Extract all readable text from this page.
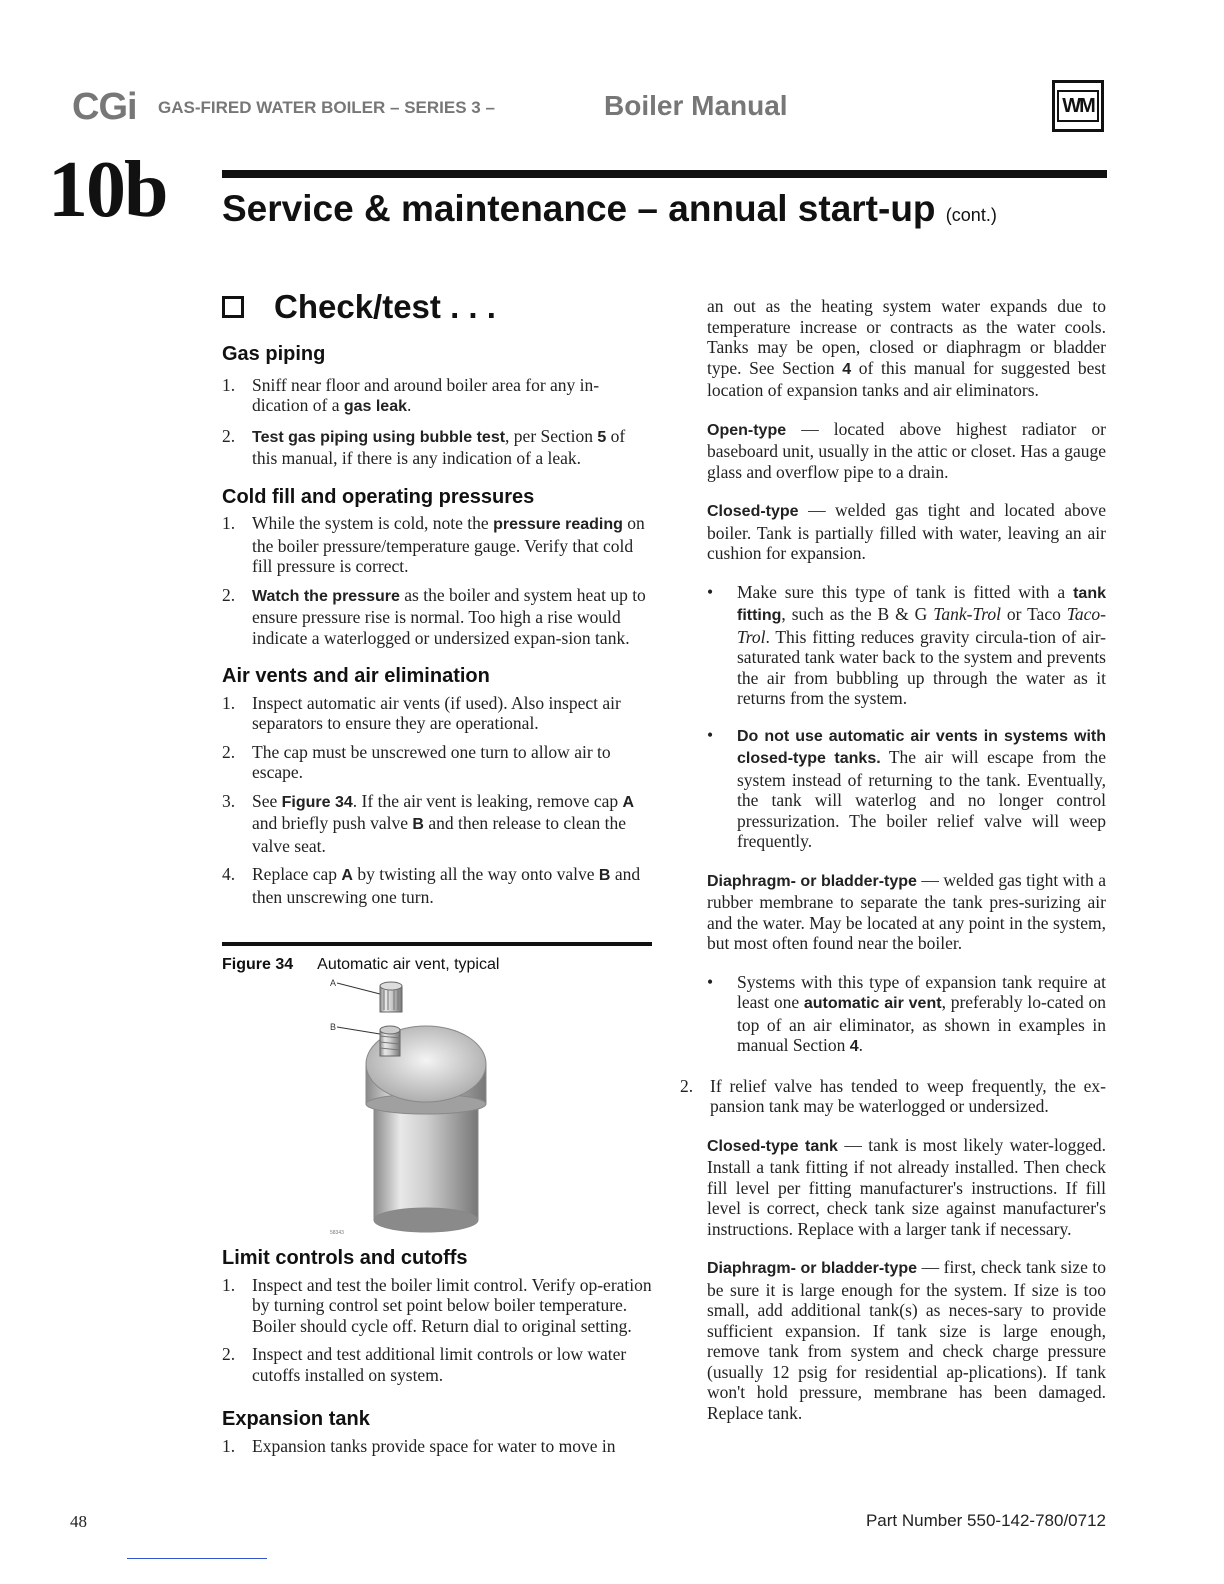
CGi GAS-FIRED WATER BOILER – SERIES 3 –	Boiler Manual	WM
10b Service & maintenance – annual start-up (cont.)
Check/test . . .
Gas piping
1. Sniff near floor and around boiler area for any in-dication of a gas leak.
2. Test gas piping using bubble test, per Section 5 of this manual, if there is any indication of a leak.
Cold fill and operating pressures
1. While the system is cold, note the pressure reading on the boiler pressure/temperature gauge. Verify that cold fill pressure is correct.
2. Watch the pressure as the boiler and system heat up to ensure pressure rise is normal. Too high a rise would indicate a waterlogged or undersized expan-sion tank.
Air vents and air elimination
1. Inspect automatic air vents (if used). Also inspect air separators to ensure they are operational.
2. The cap must be unscrewed one turn to allow air to escape.
3. See Figure 34. If the air vent is leaking, remove cap A and briefly push valve B and then release to clean the valve seat.
4. Replace cap A by twisting all the way onto valve B and then unscrewing one turn.
Figure 34 Automatic air vent, typical
A
B
58343
Limit controls and cutoffs
1. Inspect and test the boiler limit control. Verify op-eration by turning control set point below boiler temperature. Boiler should cycle off. Return dial to original setting.
2. Inspect and test additional limit controls or low water cutoffs installed on system.
Expansion tank
1. Expansion tanks provide space for water to move in

an out as the heating system water expands due to temperature increase or contracts as the water cools. Tanks may be open, closed or diaphragm or bladder type. See Section 4 of this manual for suggested best location of expansion tanks and air eliminators.

Open-type — located above highest radiator or baseboard unit, usually in the attic or closet. Has a gauge glass and overflow pipe to a drain.

Closed-type — welded gas tight and located above boiler. Tank is partially filled with water, leaving an air cushion for expansion.

• Make sure this type of tank is fitted with a tank fitting, such as the B & G Tank-Trol or Taco Taco-Trol. This fitting reduces gravity circula-tion of air-saturated tank water back to the system and prevents the air from bubbling up through the water as it returns from the system.
• Do not use automatic air vents in systems with closed-type tanks. The air will escape from the system instead of returning to the tank. Eventually, the tank will waterlog and no longer control pressurization. The boiler relief valve will weep frequently.

Diaphragm- or bladder-type — welded gas tight with a rubber membrane to separate the tank pres-surizing air and the water. May be located at any point in the system, but most often found near the boiler.

• Systems with this type of expansion tank require at least one automatic air vent, preferably lo-cated on top of an air eliminator, as shown in examples in manual Section 4.
2. If relief valve has tended to weep frequently, the ex-pansion tank may be waterlogged or undersized.

Closed-type tank — tank is most likely water-logged. Install a tank fitting if not already installed. Then check fill level per fitting manufacturer's instructions. If fill level is correct, check tank size against manufacturer's instructions. Replace with a larger tank if necessary.

Diaphragm- or bladder-type — first, check tank size to be sure it is large enough for the system. If size is too small, add additional tank(s) as neces-sary to provide sufficient expansion. If tank size is large enough, remove tank from system and check charge pressure (usually 12 psig for residential ap-plications). If tank won't hold pressure, membrane has been damaged. Replace tank.

48	Part Number 550-142-780/0712
